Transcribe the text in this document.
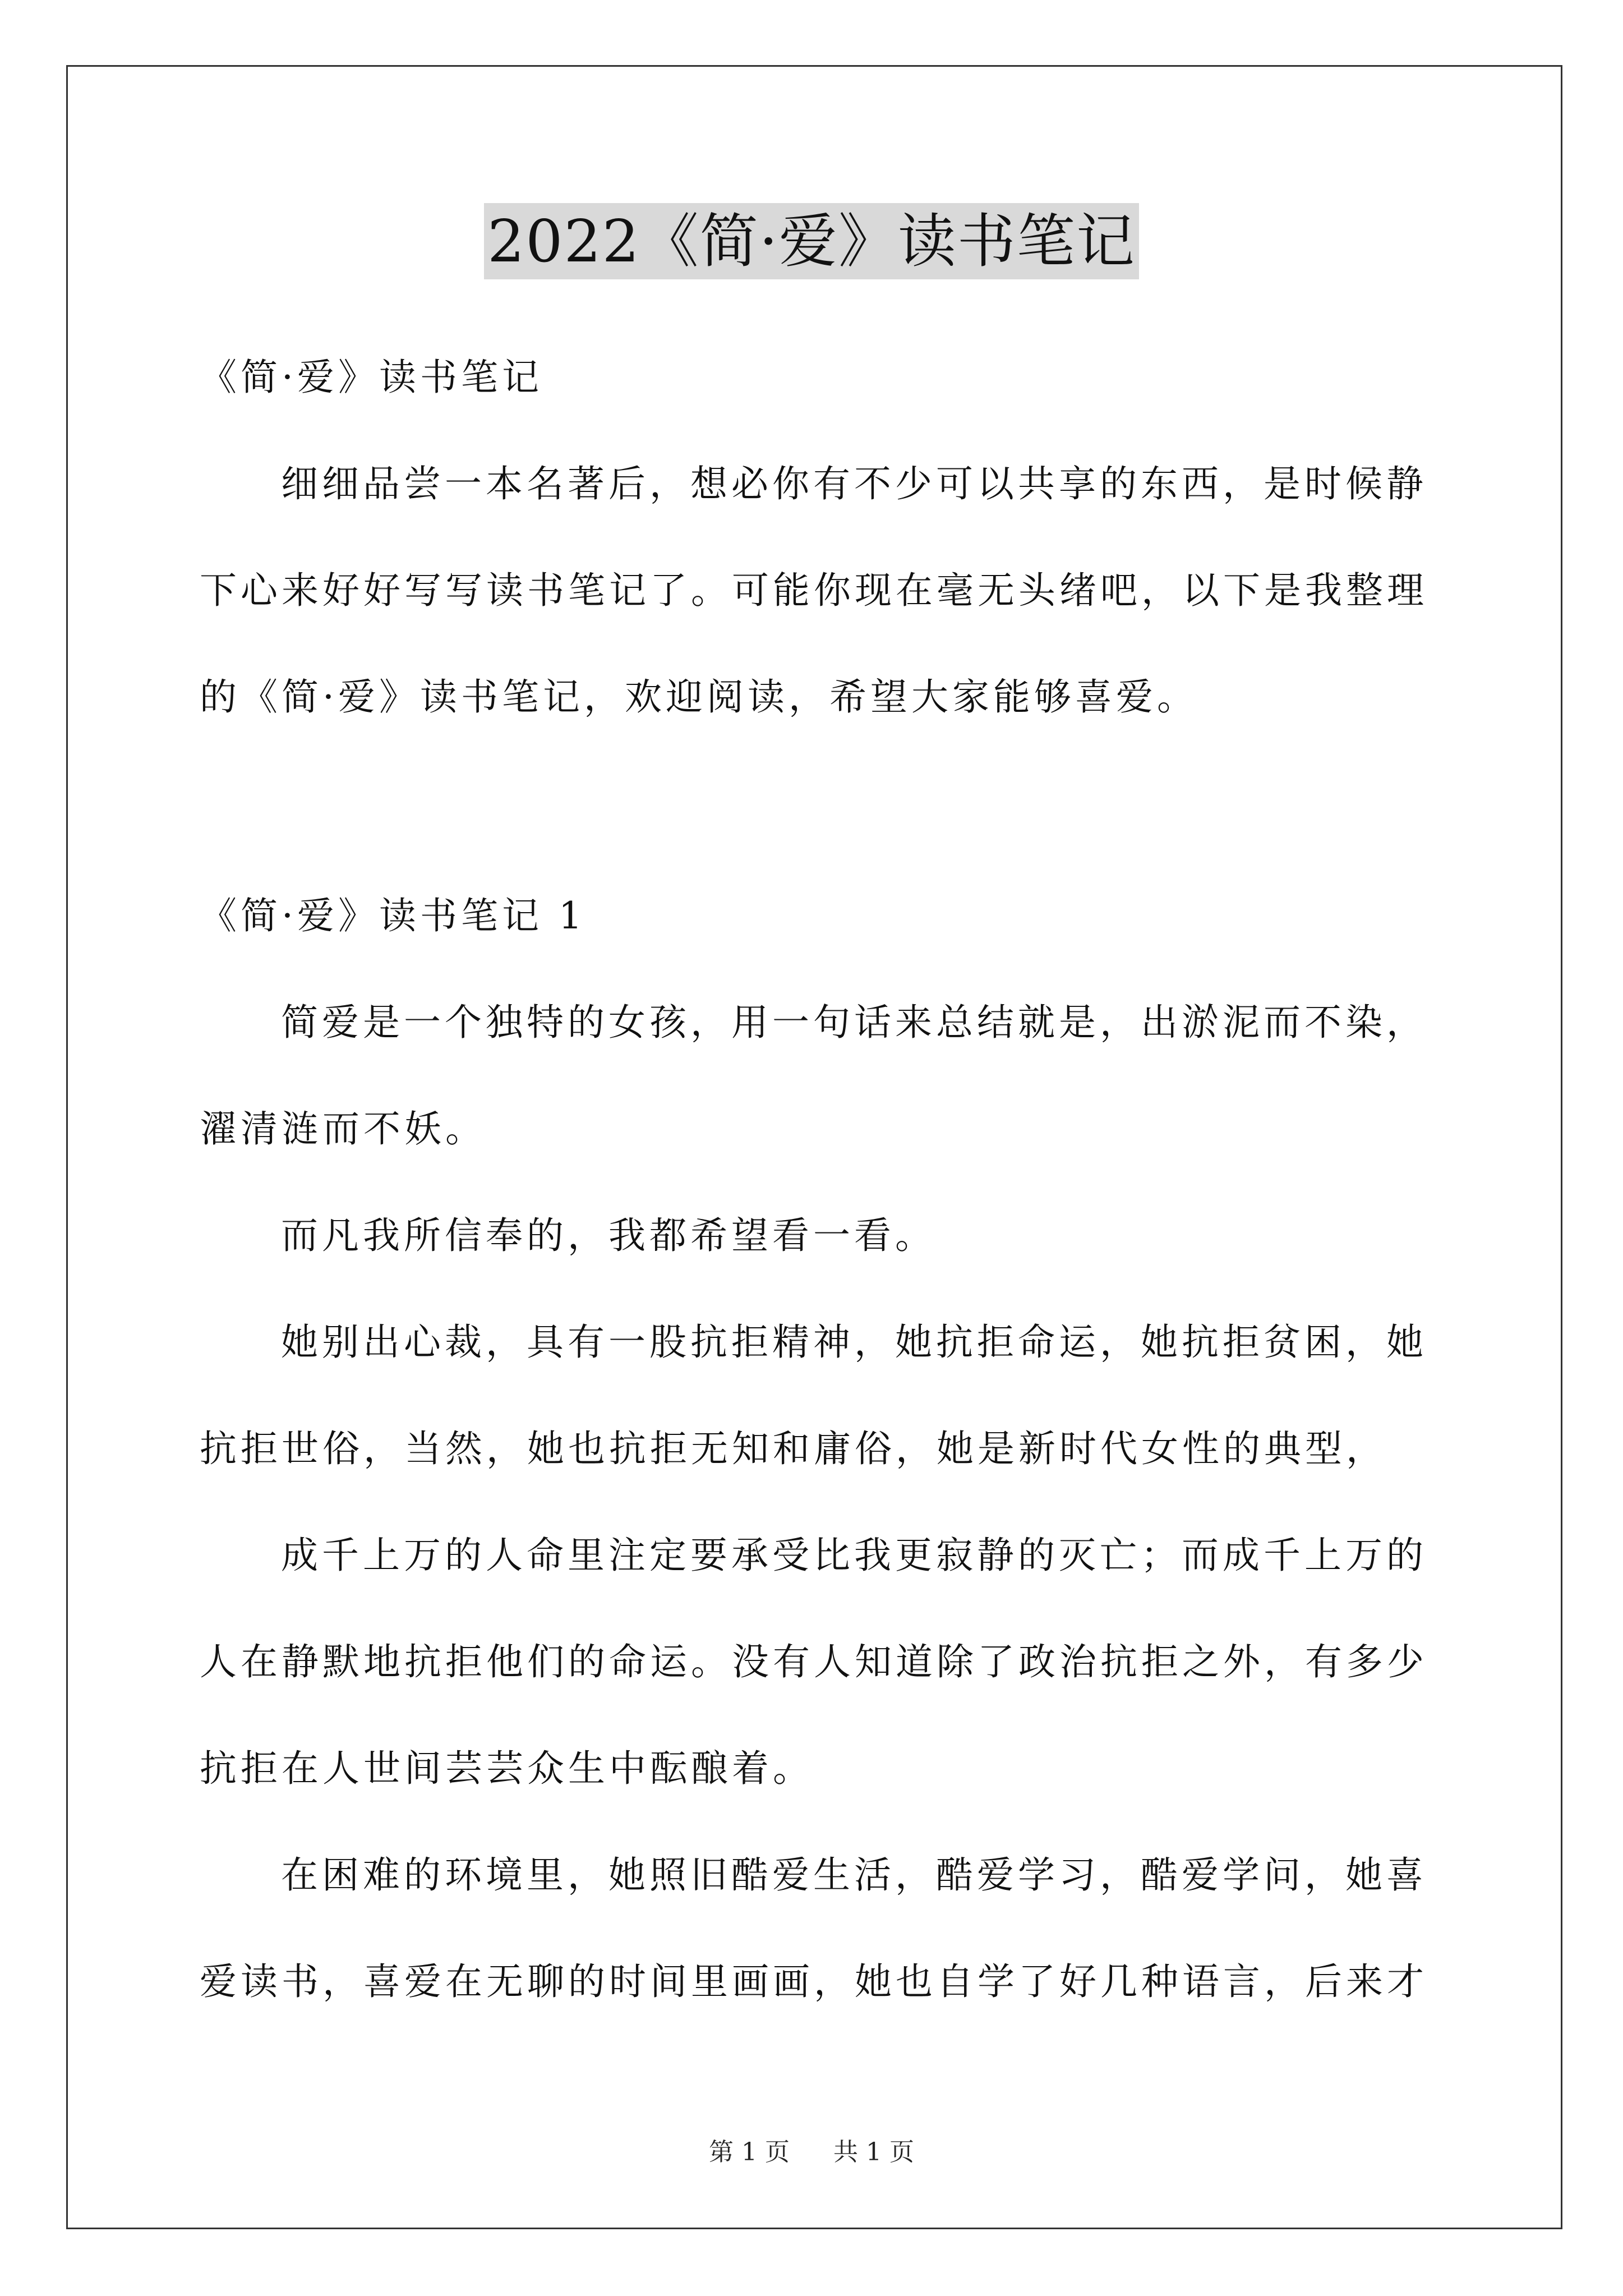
2022《简·爱》读书笔记

《简·爱》读书笔记

细细品尝一本名著后，想必你有不少可以共享的东西，是时候静下心来好好写写读书笔记了。可能你现在毫无头绪吧，以下是我整理的《简·爱》读书笔记，欢迎阅读，希望大家能够喜爱。

《简·爱》读书笔记 1

简爱是一个独特的女孩，用一句话来总结就是，出淤泥而不染，濯清涟而不妖。

而凡我所信奉的，我都希望看一看。

她别出心裁，具有一股抗拒精神，她抗拒命运，她抗拒贫困，她抗拒世俗，当然，她也抗拒无知和庸俗，她是新时代女性的典型，

成千上万的人命里注定要承受比我更寂静的灭亡；而成千上万的人在静默地抗拒他们的命运。没有人知道除了政治抗拒之外，有多少抗拒在人世间芸芸众生中酝酿着。

在困难的环境里，她照旧酷爱生活，酷爱学习，酷爱学问，她喜爱读书，喜爱在无聊的时间里画画，她也自学了好几种语言，后来才

第 1 页 共 1 页
